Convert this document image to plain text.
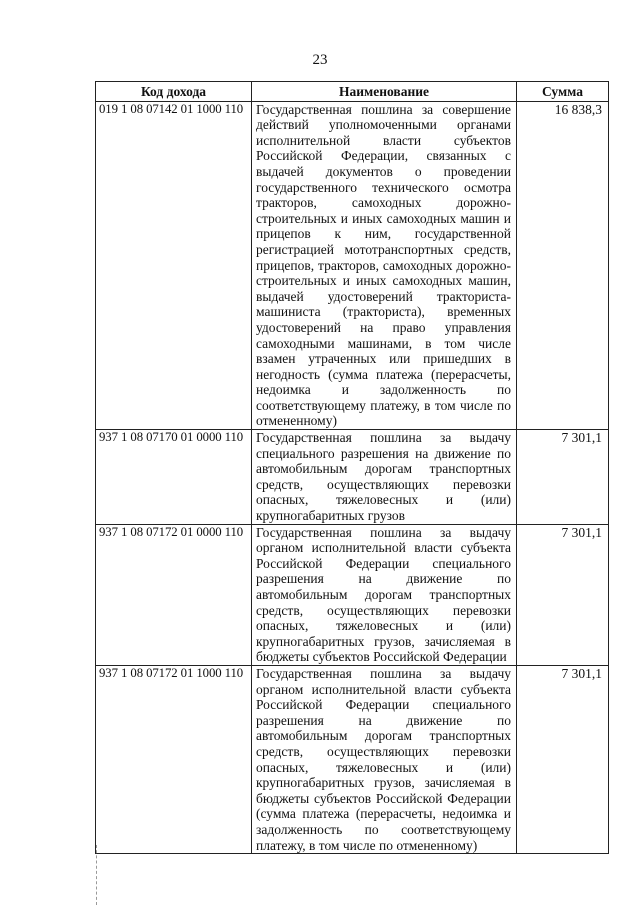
23
Код дохода	Наименование	Сумма
019 1 08 07142 01 1000 110	Государственная пошлина за совершение действий уполномоченными органами исполнительной власти субъектов Российской Федерации, связанных с выдачей документов о проведении государственного технического осмотра тракторов, самоходных дорожно-строительных и иных самоходных машин и прицепов к ним, государственной регистрацией мототранспортных средств, прицепов, тракторов, самоходных дорожно-строительных и иных самоходных машин, выдачей удостоверений тракториста-машиниста (тракториста), временных удостоверений на право управления самоходными машинами, в том числе взамен утраченных или пришедших в негодность (сумма платежа (перерасчеты, недоимка и задолженность по соответствующему платежу, в том числе по отмененному)	16 838,3
937 1 08 07170 01 0000 110	Государственная пошлина за выдачу специального разрешения на движение по автомобильным дорогам транспортных средств, осуществляющих перевозки опасных, тяжеловесных и (или) крупногабаритных грузов	7 301,1
937 1 08 07172 01 0000 110	Государственная пошлина за выдачу органом исполнительной власти субъекта Российской Федерации специального разрешения на движение по автомобильным дорогам транспортных средств, осуществляющих перевозки опасных, тяжеловесных и (или) крупногабаритных грузов, зачисляемая в бюджеты субъектов Российской Федерации	7 301,1
937 1 08 07172 01 1000 110	Государственная пошлина за выдачу органом исполнительной власти субъекта Российской Федерации специального разрешения на движение по автомобильным дорогам транспортных средств, осуществляющих перевозки опасных, тяжеловесных и (или) крупногабаритных грузов, зачисляемая в бюджеты субъектов Российской Федерации (сумма платежа (перерасчеты, недоимка и задолженность по соответствующему платежу, в том числе по отмененному)	7 301,1
